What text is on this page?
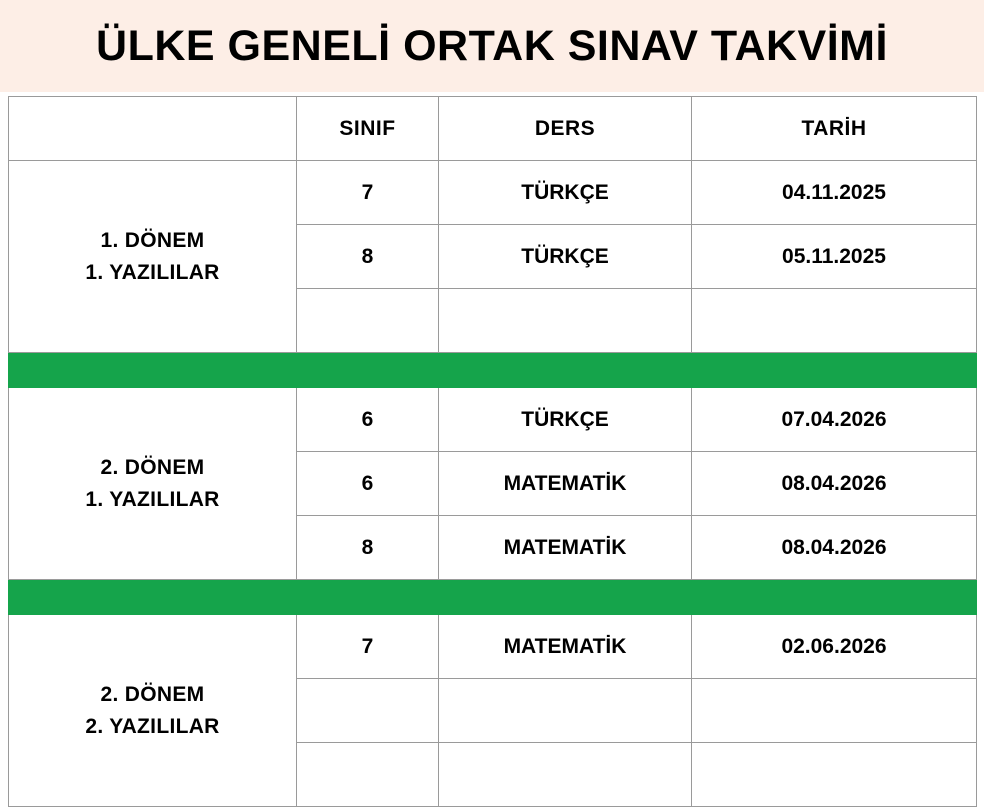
ÜLKE GENELİ ORTAK SINAV TAKVİMİ
	SINIF	DERS	TARİH

1. DÖNEM
1. YAZILILAR	7	TÜRKÇE	04.11.2025
	8	TÜRKÇE	05.11.2025

2. DÖNEM
1. YAZILILAR	6	TÜRKÇE	07.04.2026
	6	MATEMATİK	08.04.2026
	8	MATEMATİK	08.04.2026

2. DÖNEM
2. YAZILILAR	7	MATEMATİK	02.06.2026
